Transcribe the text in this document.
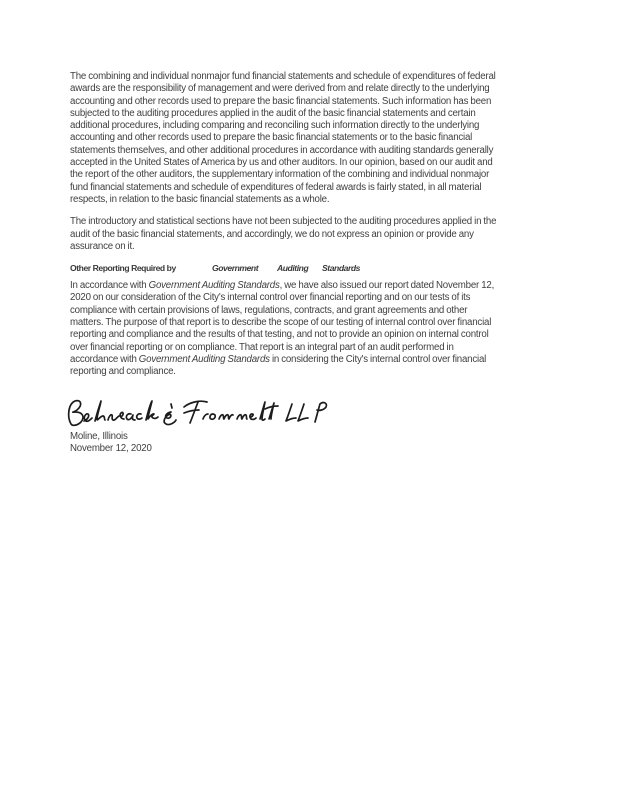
The combining and individual nonmajor fund financial statements and schedule of expenditures of federal
awards are the responsibility of management and were derived from and relate directly to the underlying
accounting and other records used to prepare the basic financial statements. Such information has been
subjected to the auditing procedures applied in the audit of the basic financial statements and certain
additional procedures, including comparing and reconciling such information directly to the underlying
accounting and other records used to prepare the basic financial statements or to the basic financial
statements themselves, and other additional procedures in accordance with auditing standards generally
accepted in the United States of America by us and other auditors. In our opinion, based on our audit and
the report of the other auditors, the supplementary information of the combining and individual nonmajor
fund financial statements and schedule of expenditures of federal awards is fairly stated, in all material
respects, in relation to the basic financial statements as a whole.
The introductory and statistical sections have not been subjected to the auditing procedures applied in the
audit of the basic financial statements, and accordingly, we do not express an opinion or provide any
assurance on it.
Other Reporting Required by	Government Auditing Standards
In accordance with Government Auditing Standards, we have also issued our report dated November 12,
2020 on our consideration of the City's internal control over financial reporting and on our tests of its
compliance with certain provisions of laws, regulations, contracts, and grant agreements and other
matters. The purpose of that report is to describe the scope of our testing of internal control over financial
reporting and compliance and the results of that testing, and not to provide an opinion on internal control
over financial reporting or on compliance. That report is an integral part of an audit performed in
accordance with Government Auditing Standards in considering the City's internal control over financial
reporting and compliance.
Moline, Illinois
November 12, 2020
